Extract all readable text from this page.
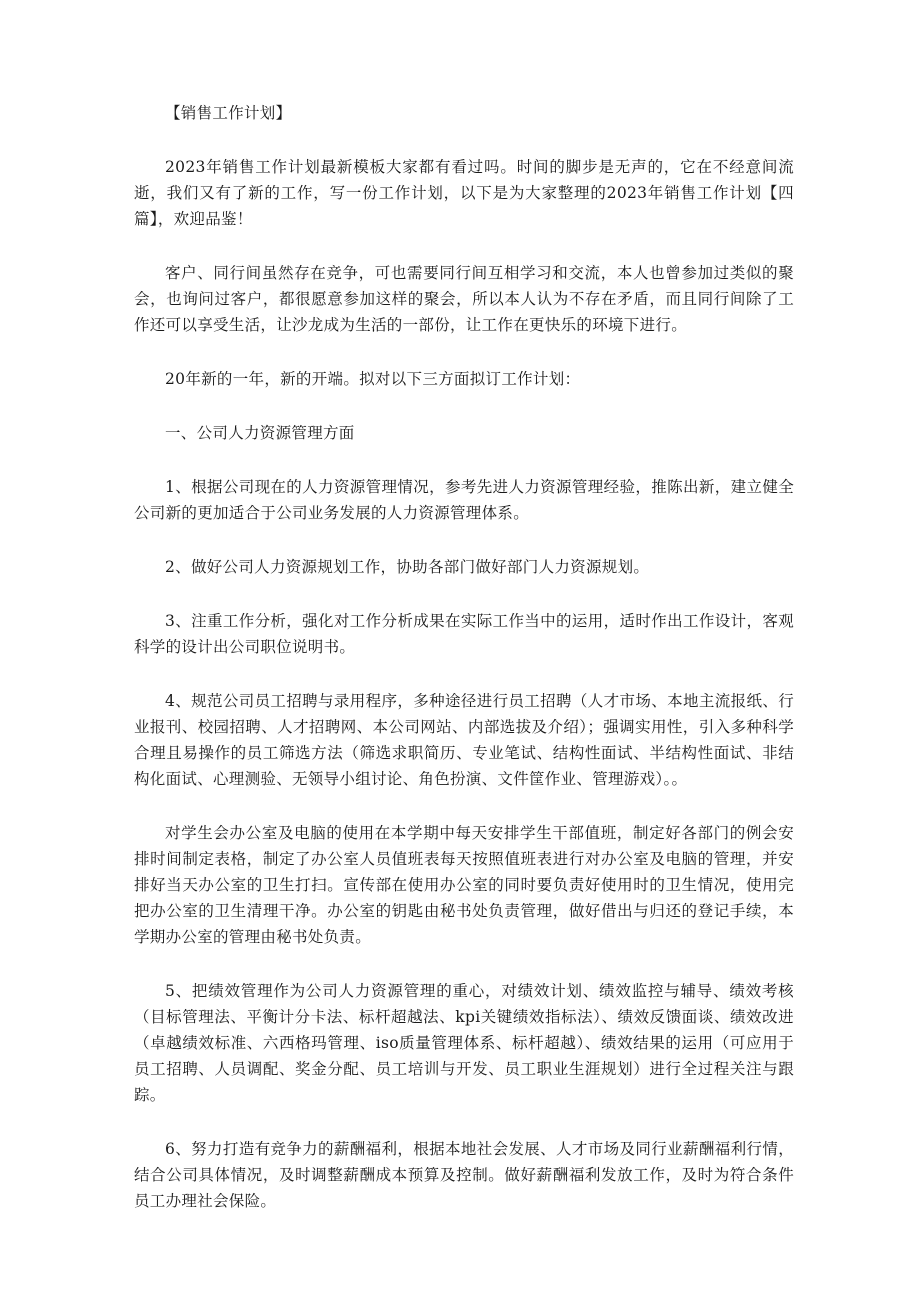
【销售工作计划】

2023年销售工作计划最新模板大家都有看过吗。时间的脚步是无声的，它在不经意间流逝，我们又有了新的工作，写一份工作计划，以下是为大家整理的2023年销售工作计划【四篇】，欢迎品鉴！

客户、同行间虽然存在竞争，可也需要同行间互相学习和交流，本人也曾参加过类似的聚会，也询问过客户，都很愿意参加这样的聚会，所以本人认为不存在矛盾，而且同行间除了工作还可以享受生活，让沙龙成为生活的一部份，让工作在更快乐的环境下进行。

20年新的一年，新的开端。拟对以下三方面拟订工作计划：

一、公司人力资源管理方面

1、根据公司现在的人力资源管理情况，参考先进人力资源管理经验，推陈出新，建立健全公司新的更加适合于公司业务发展的人力资源管理体系。

2、做好公司人力资源规划工作，协助各部门做好部门人力资源规划。

3、注重工作分析，强化对工作分析成果在实际工作当中的运用，适时作出工作设计，客观科学的设计出公司职位说明书。

4、规范公司员工招聘与录用程序，多种途径进行员工招聘（人才市场、本地主流报纸、行业报刊、校园招聘、人才招聘网、本公司网站、内部选拔及介绍）；强调实用性，引入多种科学合理且易操作的员工筛选方法（筛选求职简历、专业笔试、结构性面试、半结构性面试、非结构化面试、心理测验、无领导小组讨论、角色扮演、文件筐作业、管理游戏）。。

对学生会办公室及电脑的使用在本学期中每天安排学生干部值班，制定好各部门的例会安排时间制定表格，制定了办公室人员值班表每天按照值班表进行对办公室及电脑的管理，并安排好当天办公室的卫生打扫。宣传部在使用办公室的同时要负责好使用时的卫生情况，使用完把办公室的卫生清理干净。办公室的钥匙由秘书处负责管理，做好借出与归还的登记手续，本学期办公室的管理由秘书处负责。

5、把绩效管理作为公司人力资源管理的重心，对绩效计划、绩效监控与辅导、绩效考核（目标管理法、平衡计分卡法、标杆超越法、kpi关键绩效指标法）、绩效反馈面谈、绩效改进（卓越绩效标准、六西格玛管理、iso质量管理体系、标杆超越）、绩效结果的运用（可应用于员工招聘、人员调配、奖金分配、员工培训与开发、员工职业生涯规划）进行全过程关注与跟踪。

6、努力打造有竞争力的薪酬福利，根据本地社会发展、人才市场及同行业薪酬福利行情，结合公司具体情况，及时调整薪酬成本预算及控制。做好薪酬福利发放工作，及时为符合条件员工办理社会保险。
